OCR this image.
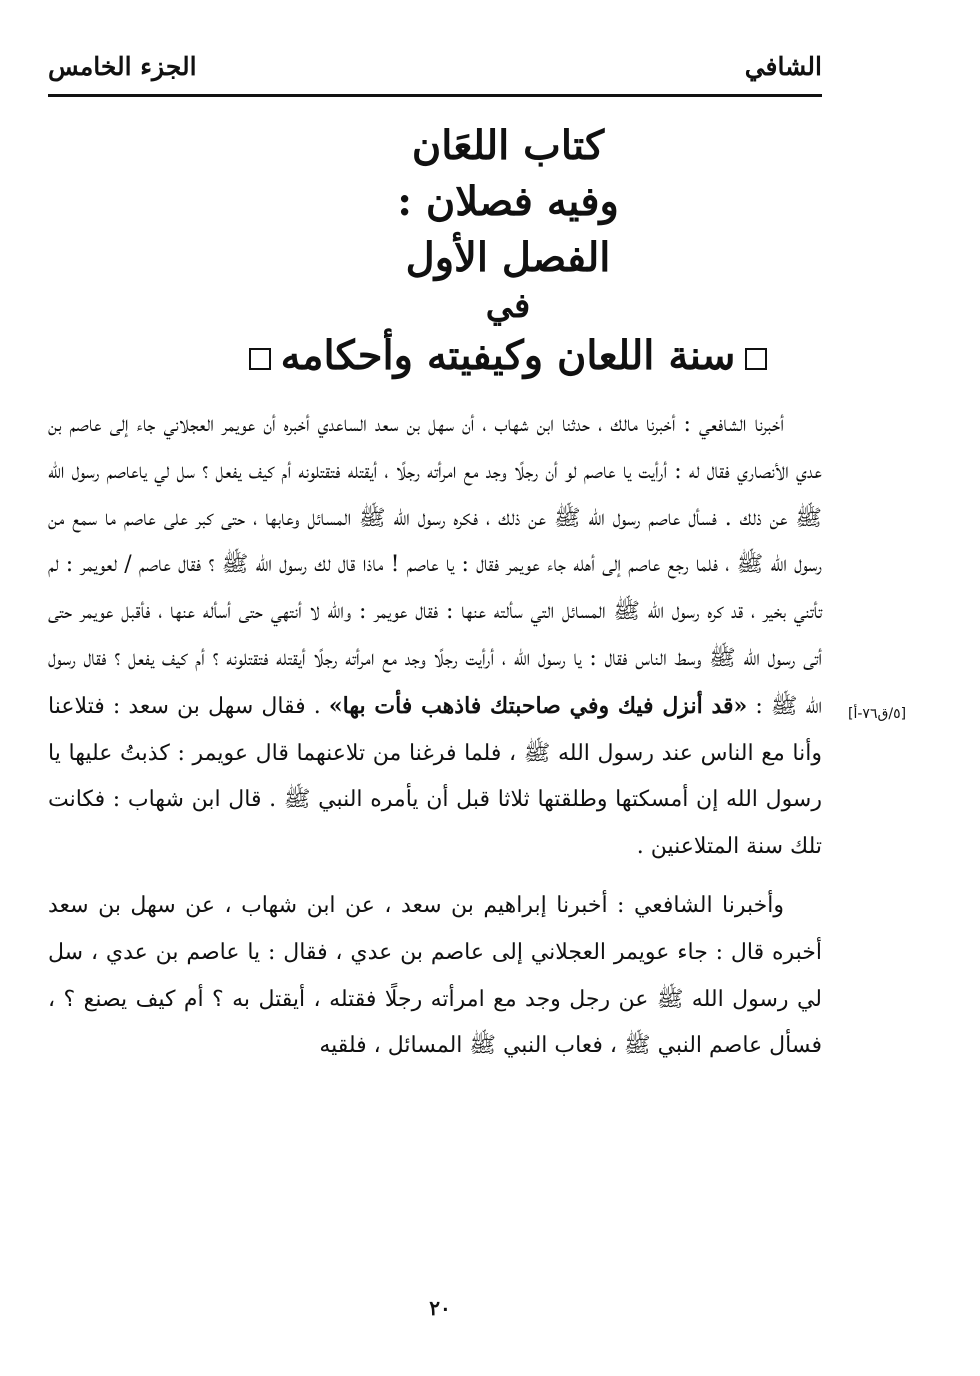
الجزء الخامس	الشافي
كتاب اللعَان
وفيه فصلان :
الفصل الأول
في
سنة اللعان وكيفيته وأحكامه

أخبرنا الشافعي : أخبرنا مالك ، حدثنا ابن شهاب ، أن سهل بن سعد الساعدي أخبره أن عويمر العجلاني جاء إلى عاصم بن عدي الأنصاري فقال له : أرأيت يا عاصم لو أن رجلًا وجد مع امرأته رجلًا ، أيقتله فتقتلونه أم كيف يفعل ؟ سل لي ياعاصم رسول الله ﷺ عن ذلك . فسأل عاصم رسول الله ﷺ عن ذلك ، فكره رسول الله ﷺ المسائل وعابها ، حتى كبر على عاصم ما سمع من رسول الله ﷺ ، فلما رجع عاصم إلى أهله جاء عويمر فقال : يا عاصم ! ماذا قال لك رسول الله ﷺ ؟ فقال عاصم / لعويمر : لم تأتني بخير ، قد كره رسول الله ﷺ المسائل التي سألته عنها : فقال عويمر : والله لا أنتهي حتى أسأله عنها ، فأقبل عويمر حتى أتى رسول الله ﷺ وسط الناس فقال : يا رسول الله ، أرأيت رجلًا وجد مع امرأته رجلًا أيقتله فتقتلونه ؟ أم كيف يفعل ؟ فقال رسول الله ﷺ : «قد أنزل فيك وفي صاحبتك فاذهب فأت بها» . فقال سهل بن سعد : فتلاعنا وأنا مع الناس عند رسول الله ﷺ ، فلما فرغنا من تلاعنهما قال عويمر : كذبتُ عليها يا رسول الله إن أمسكتها وطلقتها ثلاثا قبل أن يأمره النبي ﷺ . قال ابن شهاب : فكانت تلك سنة المتلاعنين .

وأخبرنا الشافعي : أخبرنا إبراهيم بن سعد ، عن ابن شهاب ، عن سهل بن سعد أخبره قال : جاء عويمر العجلاني إلى عاصم بن عدي ، فقال : يا عاصم بن عدي ، سل لي رسول الله ﷺ عن رجل وجد مع امرأته رجلًا فقتله ، أيقتل به ؟ أم كيف يصنع ؟ ، فسأل عاصم النبي ﷺ ، فعاب النبي ﷺ المسائل ، فلقيه

[٥/ق٧٦-أ]
٢٠
